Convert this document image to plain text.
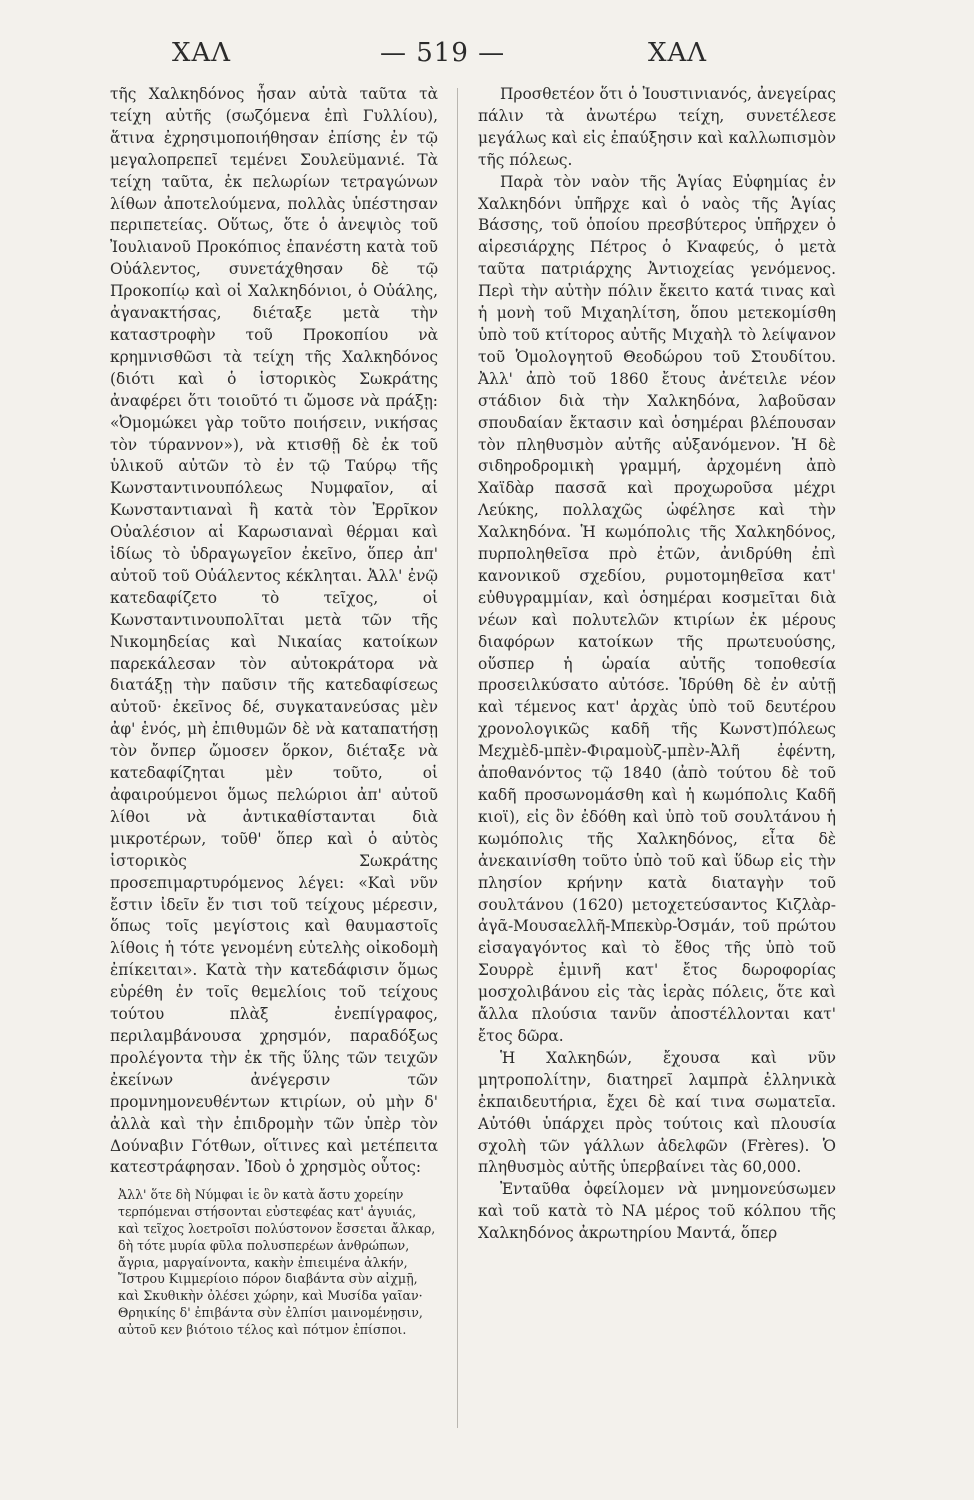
ΧΑΛ	— 519 —	ΧΑΛ

τῆς Χαλκηδόνος ἦσαν αὐτὰ ταῦτα τὰ τείχη αὐτῆς (σωζόμενα ἐπὶ Γυλλίου), ἅτινα ἐχρησιμοποιήθησαν ἐπίσης ἐν τῷ μεγαλοπρεπεῖ τεμένει Σουλεϋμανιέ. Τὰ τείχη ταῦτα, ἐκ πελωρίων τετραγώνων λίθων ἀποτελούμενα, πολλὰς ὑπέστησαν περιπετείας. Οὕτως, ὅτε ὁ ἀνεψιὸς τοῦ Ἰουλιανοῦ Προκόπιος ἐπανέστη κατὰ τοῦ Οὐάλεντος, συνετάχθησαν δὲ τῷ Προκοπίῳ καὶ οἱ Χαλκηδόνιοι, ὁ Οὐάλης, ἀγανακτήσας, διέταξε μετὰ τὴν καταστροφὴν τοῦ Προκοπίου νὰ κρημνισθῶσι τὰ τείχη τῆς Χαλκηδόνος (διότι καὶ ὁ ἱστορικὸς Σωκράτης ἀναφέρει ὅτι τοιοῦτό τι ὤμοσε νὰ πράξῃ: «Ὀμομώκει γὰρ τοῦτο ποιήσειν, νικήσας τὸν τύραννον»), νὰ κτισθῇ δὲ ἐκ τοῦ ὑλικοῦ αὐτῶν τὸ ἐν τῷ Ταύρῳ τῆς Κωνσταντινουπόλεως Νυμφαῖον, αἱ Κωνσταντιαναὶ ἢ κατὰ τὸν Ἐρρῖκον Οὐαλέσιον αἱ Καρωσιαναὶ θέρμαι καὶ ἰδίως τὸ ὑδραγωγεῖον ἐκεῖνο, ὅπερ ἀπ' αὐτοῦ τοῦ Οὐάλεντος κέκληται. Ἀλλ' ἐνῷ κατεδαφίζετο τὸ τεῖχος, οἱ Κωνσταντινουπολῖται μετὰ τῶν τῆς Νικομηδείας καὶ Νικαίας κατοίκων παρεκάλεσαν τὸν αὐτοκράτορα νὰ διατάξῃ τὴν παῦσιν τῆς κατεδαφίσεως αὐτοῦ· ἐκεῖνος δέ, συγκατανεύσας μὲν ἀφ' ἑνός, μὴ ἐπιθυμῶν δὲ νὰ καταπατήσῃ τὸν ὄνπερ ὤμοσεν ὅρκον, διέταξε νὰ κατεδαφίζηται μὲν τοῦτο, οἱ ἀφαιρούμενοι ὅμως πελώριοι ἀπ' αὐτοῦ λίθοι νὰ ἀντικαθίστανται διὰ μικροτέρων, τοῦθ' ὅπερ καὶ ὁ αὐτὸς ἱστορικὸς Σωκράτης προσεπιμαρτυρόμενος λέγει: «Καὶ νῦν ἔστιν ἰδεῖν ἔν τισι τοῦ τείχους μέρεσιν, ὅπως τοῖς μεγίστοις καὶ θαυμαστοῖς λίθοις ἡ τότε γενομένη εὐτελὴς οἰκοδομὴ ἐπίκειται». Κατὰ τὴν κατεδάφισιν ὅμως εὑρέθη ἐν τοῖς θεμελίοις τοῦ τείχους τούτου πλὰξ ἐνεπίγραφος, περιλαμβάνουσα χρησμόν, παραδόξως προλέγοντα τὴν ἐκ τῆς ὕλης τῶν τειχῶν ἐκείνων ἀνέγερσιν τῶν προμνημονευθέντων κτιρίων, οὐ μὴν δ' ἀλλὰ καὶ τὴν ἐπιδρομὴν τῶν ὑπὲρ τὸν Δούναβιν Γότθων, οἵτινες καὶ μετέπειτα κατεστράφησαν. Ἰδοὺ ὁ χρησμὸς οὗτος:

Ἀλλ' ὅτε δὴ Νύμφαι ἱε ὃν κατὰ ἄστυ χορείην
τερπόμεναι στήσονται εὐστεφέας κατ' ἀγυιάς,
καὶ τεῖχος λοετροῖσι πολύστονον ἔσσεται ἄλκαρ,
δὴ τότε μυρία φῦλα πολυσπερέων ἀνθρώπων,
ἄγρια, μαργαίνοντα, κακὴν ἐπιειμένα ἀλκήν,
Ἴστρου Κιμμερίοιο πόρον διαβάντα σὺν αἰχμῇ,
καὶ Σκυθικὴν ὀλέσει χώρην, καὶ Μυσίδα γαῖαν·
Θρηικίης δ' ἐπιβάντα σὺν ἐλπίσι μαινομένῃσιν,
αὐτοῦ κεν βιότοιο τέλος καὶ πότμον ἐπίσποι.

Προσθετέον ὅτι ὁ Ἰουστινιανός, ἀνεγείρας πάλιν τὰ ἀνωτέρω τείχη, συνετέλεσε μεγάλως καὶ εἰς ἐπαύξησιν καὶ καλλωπισμὸν τῆς πόλεως.

Παρὰ τὸν ναὸν τῆς Ἁγίας Εὐφημίας ἐν Χαλκηδόνι ὑπῆρχε καὶ ὁ ναὸς τῆς Ἁγίας Βάσσης, τοῦ ὁποίου πρεσβύτερος ὑπῆρχεν ὁ αἱρεσιάρχης Πέτρος ὁ Κναφεύς, ὁ μετὰ ταῦτα πατριάρχης Ἀντιοχείας γενόμενος. Περὶ τὴν αὐτὴν πόλιν ἔκειτο κατά τινας καὶ ἡ μονὴ τοῦ Μιχαηλίτση, ὅπου μετεκομίσθη ὑπὸ τοῦ κτίτορος αὐτῆς Μιχαὴλ τὸ λείψανον τοῦ Ὁμολογητοῦ Θεοδώρου τοῦ Στουδίτου. Ἀλλ' ἀπὸ τοῦ 1860 ἔτους ἀνέτειλε νέον στάδιον διὰ τὴν Χαλκηδόνα, λαβοῦσαν σπουδαίαν ἔκτασιν καὶ ὁσημέραι βλέπουσαν τὸν πληθυσμὸν αὐτῆς αὐξανόμενον. Ἡ δὲ σιδηροδρομικὴ γραμμή, ἀρχομένη ἀπὸ Χαϊδὰρ πασσᾶ καὶ προχωροῦσα μέχρι Λεύκης, πολλαχῶς ὠφέλησε καὶ τὴν Χαλκηδόνα. Ἡ κωμόπολις τῆς Χαλκηδόνος, πυρποληθεῖσα πρὸ ἐτῶν, ἀνιδρύθη ἐπὶ κανονικοῦ σχεδίου, ρυμοτομηθεῖσα κατ' εὐθυγραμμίαν, καὶ ὁσημέραι κοσμεῖται διὰ νέων καὶ πολυτελῶν κτιρίων ἐκ μέρους διαφόρων κατοίκων τῆς πρωτευούσης, οὕσπερ ἡ ὡραία αὐτῆς τοποθεσία προσειλκύσατο αὐτόσε. Ἱδρύθη δὲ ἐν αὐτῇ καὶ τέμενος κατ' ἀρχὰς ὑπὸ τοῦ δευτέρου χρονολογικῶς καδῆ τῆς Κωνστ)πόλεως Μεχμὲδ-μπὲν-Φιραμοὺζ-μπὲν-Ἀλῆ ἐφέντη, ἀποθανόντος τῷ 1840 (ἀπὸ τούτου δὲ τοῦ καδῆ προσωνομάσθη καὶ ἡ κωμόπολις Καδῆ κιοϊ), εἰς ὃν ἐδόθη καὶ ὑπὸ τοῦ σουλτάνου ἡ κωμόπολις τῆς Χαλκηδόνος, εἶτα δὲ ἀνεκαινίσθη τοῦτο ὑπὸ τοῦ καὶ ὕδωρ εἰς τὴν πλησίον κρήνην κατὰ διαταγὴν τοῦ σουλτάνου (1620) μετοχετεύσαντος Κιζλὰρ-ἀγᾶ-Μουσαελλῆ-Μπεκὺρ-Ὀσμάν, τοῦ πρώτου εἰσαγαγόντος καὶ τὸ ἔθος τῆς ὑπὸ τοῦ Σουρρὲ ἐμινῆ κατ' ἔτος δωροφορίας μοσχολιβάνου εἰς τὰς ἱερὰς πόλεις, ὅτε καὶ ἄλλα πλούσια τανῦν ἀποστέλλονται κατ' ἔτος δῶρα.

Ἡ Χαλκηδών, ἔχουσα καὶ νῦν μητροπολίτην, διατηρεῖ λαμπρὰ ἑλληνικὰ ἐκπαιδευτήρια, ἔχει δὲ καί τινα σωματεῖα. Αὐτόθι ὑπάρχει πρὸς τούτοις καὶ πλουσία σχολὴ τῶν γάλλων ἀδελφῶν (Frères). Ὁ πληθυσμὸς αὐτῆς ὑπερβαίνει τὰς 60,000.

Ἐνταῦθα ὀφείλομεν νὰ μνημονεύσωμεν καὶ τοῦ κατὰ τὸ ΝΑ μέρος τοῦ κόλπου τῆς Χαλκηδόνος ἀκρωτηρίου Μαντά, ὅπερ
